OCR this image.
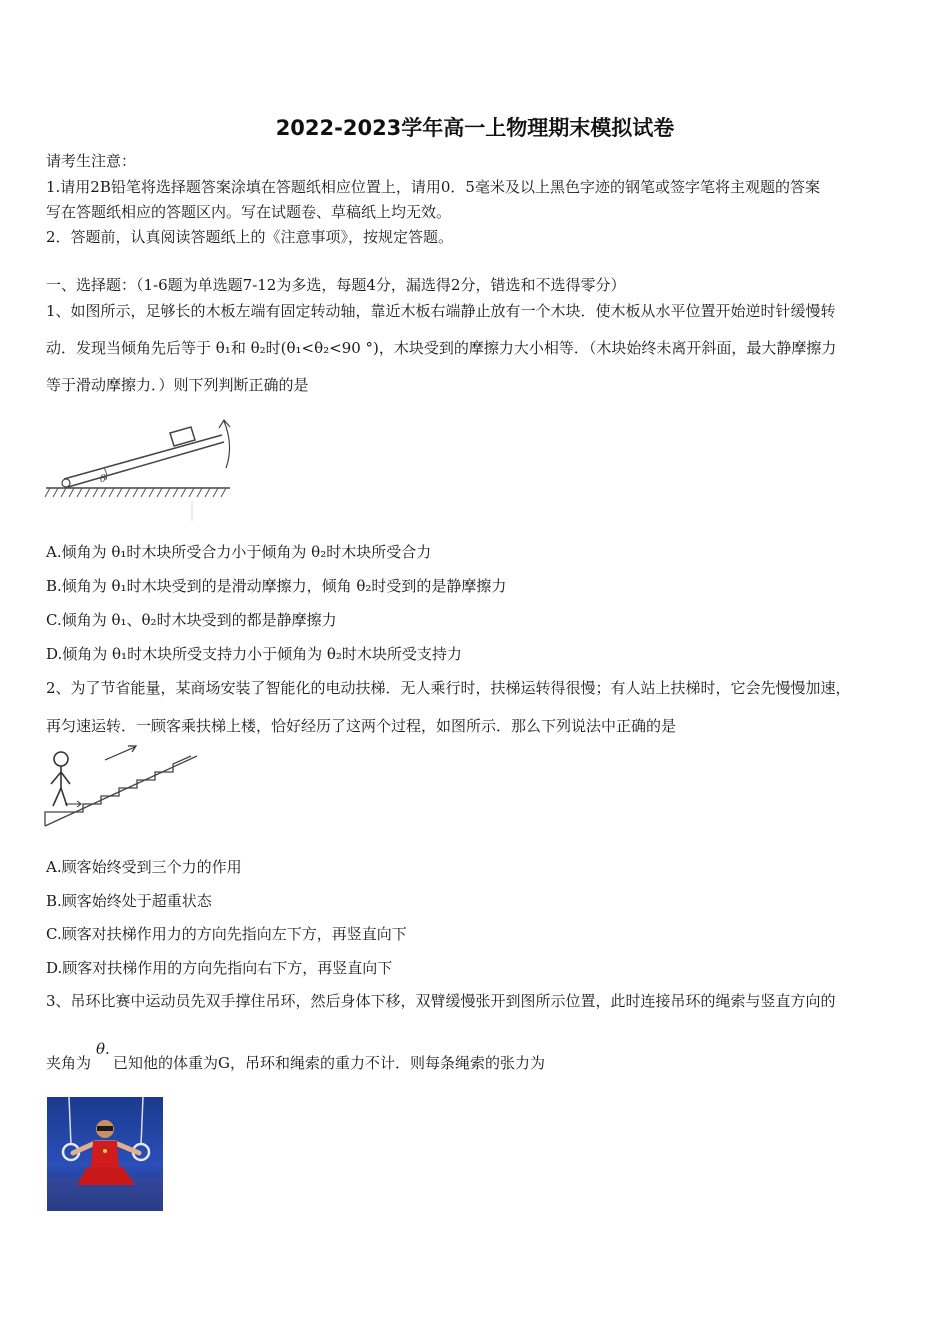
2022-2023学年高一上物理期末模拟试卷
请考生注意：
1.请用2B铅笔将选择题答案涂填在答题纸相应位置上，请用0．5毫米及以上黑色字迹的钢笔或签字笔将主观题的答案
写在答题纸相应的答题区内。写在试题卷、草稿纸上均无效。
2．答题前，认真阅读答题纸上的《注意事项》，按规定答题。
一、选择题：（1-6题为单选题7-12为多选，每题4分，漏选得2分，错选和不选得零分）
1、如图所示，足够长的木板左端有固定转动轴，靠近木板右端静止放有一个木块．使木板从水平位置开始逆时针缓慢转
动．发现当倾角先后等于 θ₁和 θ₂时(θ₁<θ₂<90 °)，木块受到的摩擦力大小相等．（木块始终未离开斜面，最大静摩擦力
等于滑动摩擦力．）则下列判断正确的是
θ
A.倾角为 θ₁时木块所受合力小于倾角为 θ₂时木块所受合力
B.倾角为 θ₁时木块受到的是滑动摩擦力，倾角 θ₂时受到的是静摩擦力
C.倾角为 θ₁、θ₂时木块受到的都是静摩擦力
D.倾角为 θ₁时木块所受支持力小于倾角为 θ₂时木块所受支持力
2、为了节省能量，某商场安装了智能化的电动扶梯．无人乘行时，扶梯运转得很慢；有人站上扶梯时，它会先慢慢加速，
再匀速运转．一顾客乘扶梯上楼，恰好经历了这两个过程，如图所示．那么下列说法中正确的是
A.顾客始终受到三个力的作用
B.顾客始终处于超重状态
C.顾客对扶梯作用力的方向先指向左下方，再竖直向下
D.顾客对扶梯作用的方向先指向右下方，再竖直向下
3、吊环比赛中运动员先双手撑住吊环，然后身体下移，双臂缓慢张开到图所示位置，此时连接吊环的绳索与竖直方向的
夹角为 已知他的体重为G，吊环和绳索的重力不计．则每条绳索的张力为
θ.
